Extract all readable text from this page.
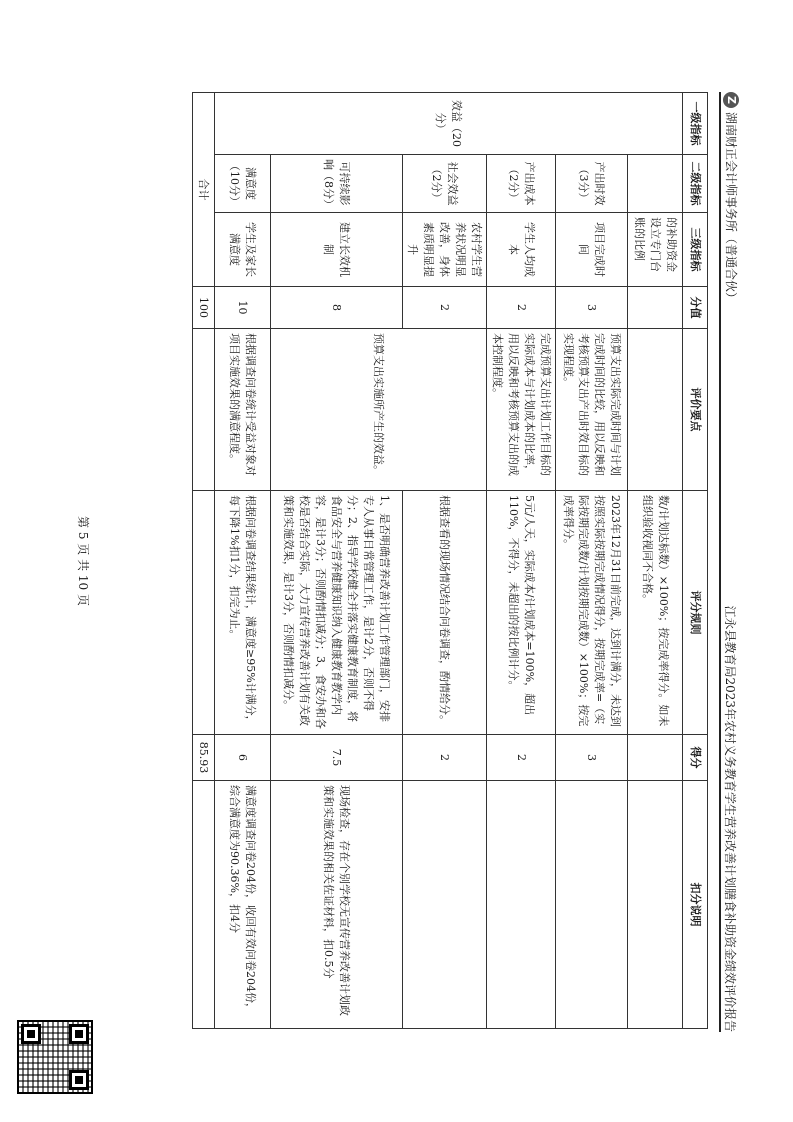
Z
湖南财正会计师事务所（普通合伙）
江永县教育局2023年农村义务教育学生营养改善计划膳食补助资金绩效评价报告
一级指标	二级指标	三级指标	分值	评价要点	评分规则	得分	扣分说明
效益（20分）		的补助资金设立专门台账的比例			数/计划达标数）×100%；按完成率得分。如未组织验收视同不合格。		
	产出时效（3分）	项目完成时间	3	预算支出实际完成时间与计划完成时间的比较，用以反映和考核预算支出产出时效目标的实现程度。	2023年12月31日前完成，达到计满分，未达到按照实际按期完成情况得分，按期完成率=（实际按期完成数/计划按期完成数）×100%；按完成率得分。	3	
	产出成本（2分）	学生人均成本	2	完成预算支出计划工作目标的实际成本与计划成本的比率，用以反映和考核预算支出的成本控制程度。	5元/人天，实际成本/计划成本=100%，超出110%，不得分，未超出的按比例计分。	2	
	社会效益（2分）	农村学生营养状况明显改善，身体素质明显提升	2	预算支出实施所产生的效益。	根据查看的现场情况结合问卷调查，酌情给分。	2	
	可持续影响（8分）	建立长效机制	8		1、是否明确营养改善计划工作管理部门，安排专人从事日常管理工作，是计2分，否则不得分；2、指导学校健全并落实健康教育制度，将食品安全与营养健康知识纳入健康教育教学内容，是计3分；否则酌情扣减分；3、食安办和各校是否结合实际，大力宣传营养改善计划有关政策和实施效果，是计3分，否则酌情扣减分。	7.5	现场检查，存在个别学校无宣传营养改善计划政策和实施效果的相关佐证材料，扣0.5分
	满意度（10分）	学生及家长满意度	10	根据调查问卷统计受益对象对项目实施效果的满意程度。	根据问卷调查结果统计，满意度≥95%计满分，每下降1%扣1分，扣完为止。	6	满意度调查问卷204份，收回有效问卷204份，综合满意度为90.36%，扣4分
合计			100			85.93	
第 5 页 共 10 页
